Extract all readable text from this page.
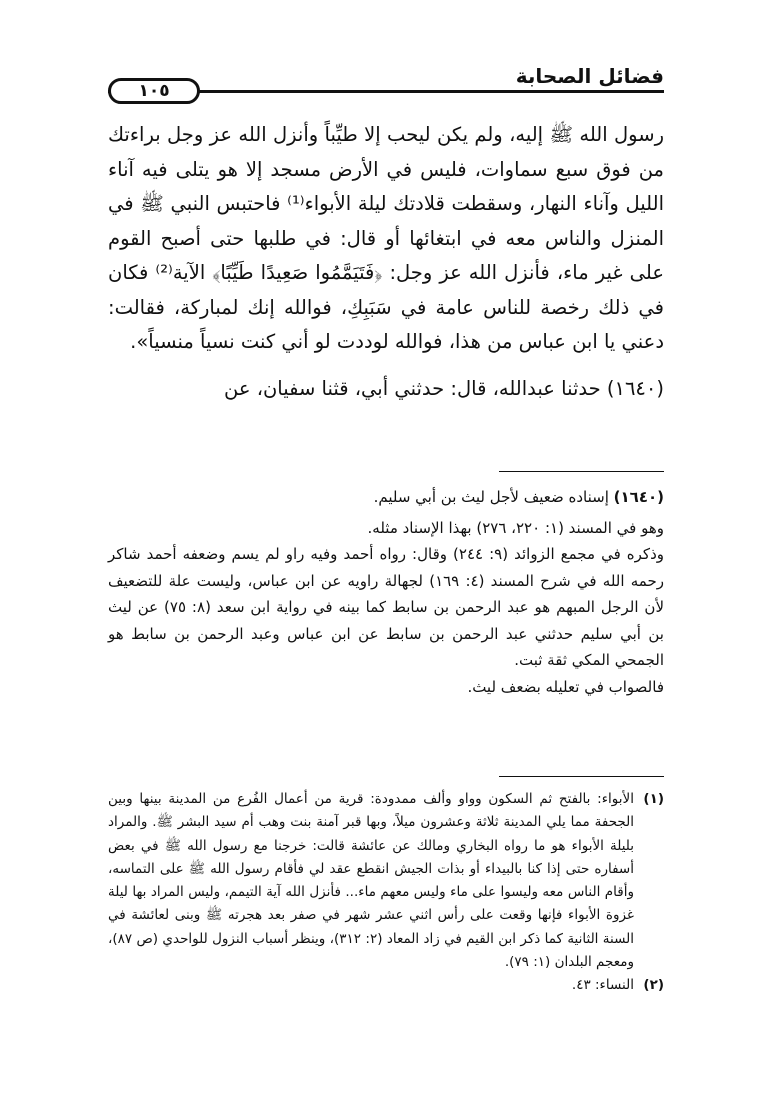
فضائل الصحابة
١٠٥

رسول الله ﷺ إليه، ولم يكن ليحب إلا طيِّباً وأنزل الله عز وجل براءتك من فوق سبع سماوات، فليس في الأرض مسجد إلا هو يتلى فيه آناء الليل وآناء النهار، وسقطت قلادتك ليلة الأبواء⁽¹⁾ فاحتبس النبي ﷺ في المنزل والناس معه في ابتغائها أو قال: في طلبها حتى أصبح القوم على غير ماء، فأنزل الله عز وجل: ﴿فَتَيَمَّمُوا صَعِيدًا طَيِّبًا﴾ الآية⁽²⁾ فكان في ذلك رخصة للناس عامة في سَبَبِكِ، فوالله إنك لمباركة، فقالت: دعني يا ابن عباس من هذا، فوالله لوددت لو أني كنت نسياً منسياً».

(١٦٤٠) حدثنا عبدالله، قال: حدثني أبي، قثنا سفيان، عن

(١٦٤٠) إسناده ضعيف لأجل ليث بن أبي سليم.

وهو في المسند (١: ٢٢٠، ٢٧٦) بهذا الإسناد مثله.

وذكره في مجمع الزوائد (٩: ٢٤٤) وقال: رواه أحمد وفيه راو لم يسم وضعفه أحمد شاكر رحمه الله في شرح المسند (٤: ١٦٩) لجهالة راويه عن ابن عباس، وليست علة للتضعيف لأن الرجل المبهم هو عبد الرحمن بن سابط كما بينه في رواية ابن سعد (٨: ٧٥) عن ليث بن أبي سليم حدثني عبد الرحمن بن سابط عن ابن عباس وعبد الرحمن بن سابط هو الجمحي المكي ثقة ثبت.

فالصواب في تعليله بضعف ليث.

(١)
الأبواء: بالفتح ثم السكون وواو وألف ممدودة: قرية من أعمال الفُرع من المدينة بينها وبين الجحفة مما يلي المدينة ثلاثة وعشرون ميلاً، وبها قبر آمنة بنت وهب أم سيد البشر ﷺ. والمراد بليلة الأبواء هو ما رواه البخاري ومالك عن عائشة قالت: خرجنا مع رسول الله ﷺ في بعض أسفاره حتى إذا كنا بالبيداء أو بذات الجيش انقطع عقد لي فأقام رسول الله ﷺ على التماسه، وأقام الناس معه وليسوا على ماء وليس معهم ماء... فأنزل الله آية التيمم، وليس المراد بها ليلة غزوة الأبواء فإنها وقعت على رأس اثني عشر شهر في صفر بعد هجرته ﷺ وبنى لعائشة في السنة الثانية كما ذكر ابن القيم في زاد المعاد (٢: ٣١٢)، وينظر أسباب النزول للواحدي (ص ٨٧)، ومعجم البلدان (١: ٧٩).
(٢)
النساء: ٤٣.
